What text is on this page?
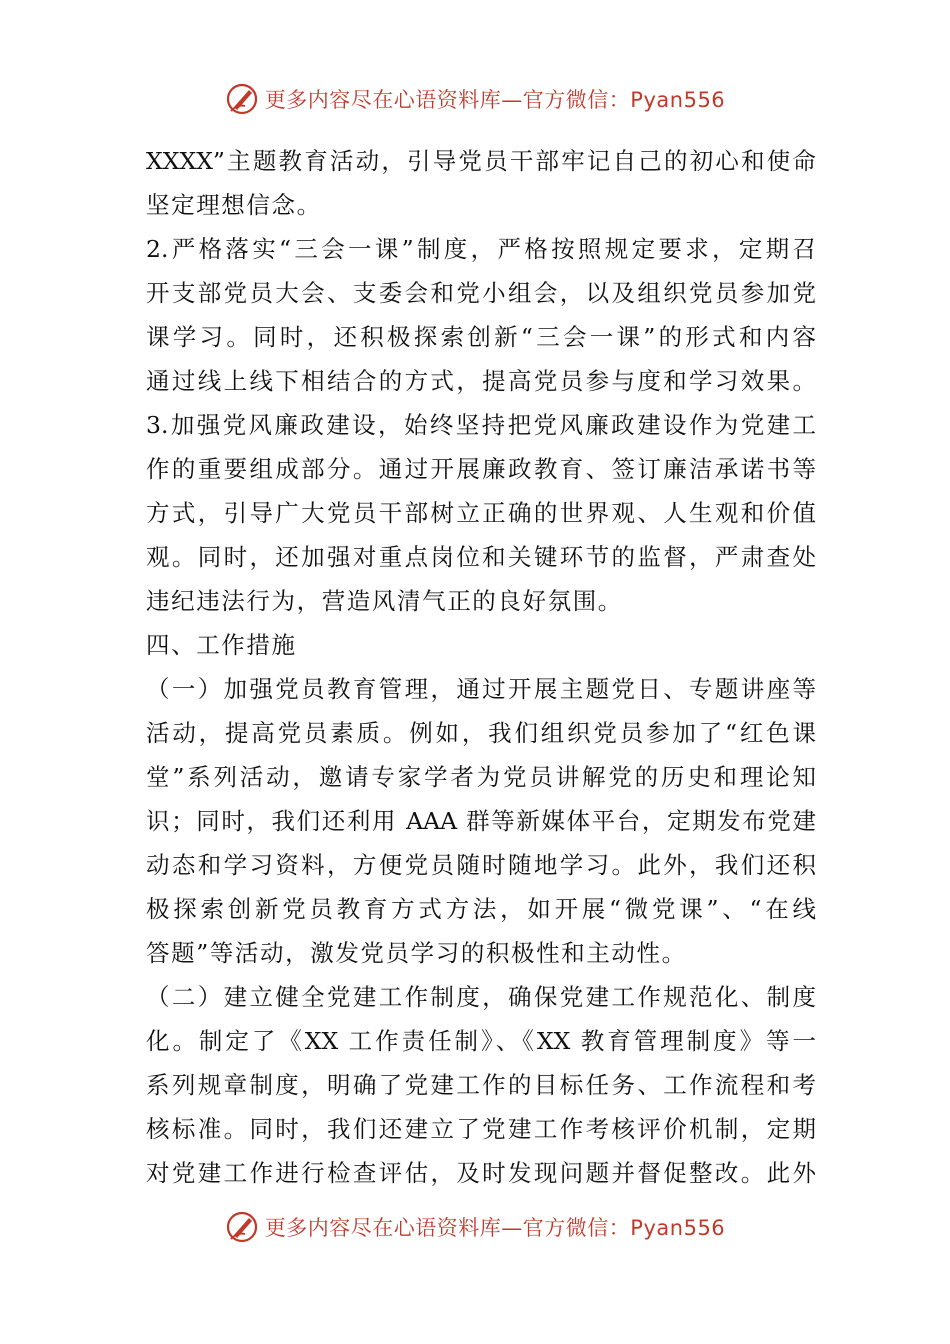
更多内容尽在心语资料库—官方微信：Pyan556
XXXX”主题教育活动，引导党员干部牢记自己的初心和使命
坚定理想信念。
2.严格落实“三会一课”制度，严格按照规定要求，定期召
开支部党员大会、支委会和党小组会，以及组织党员参加党
课学习。同时，还积极探索创新“三会一课”的形式和内容
通过线上线下相结合的方式，提高党员参与度和学习效果。
3.加强党风廉政建设，始终坚持把党风廉政建设作为党建工
作的重要组成部分。通过开展廉政教育、签订廉洁承诺书等
方式，引导广大党员干部树立正确的世界观、人生观和价值
观。同时，还加强对重点岗位和关键环节的监督，严肃查处
违纪违法行为，营造风清气正的良好氛围。
四、工作措施
（一）加强党员教育管理，通过开展主题党日、专题讲座等
活动，提高党员素质。例如，我们组织党员参加了“红色课
堂”系列活动，邀请专家学者为党员讲解党的历史和理论知
识；同时，我们还利用 AAA 群等新媒体平台，定期发布党建
动态和学习资料，方便党员随时随地学习。此外，我们还积
极探索创新党员教育方式方法，如开展“微党课”、“在线
答题”等活动，激发党员学习的积极性和主动性。
（二）建立健全党建工作制度，确保党建工作规范化、制度
化。制定了《XX 工作责任制》、《XX 教育管理制度》等一
系列规章制度，明确了党建工作的目标任务、工作流程和考
核标准。同时，我们还建立了党建工作考核评价机制，定期
对党建工作进行检查评估，及时发现问题并督促整改。此外
更多内容尽在心语资料库—官方微信：Pyan556
